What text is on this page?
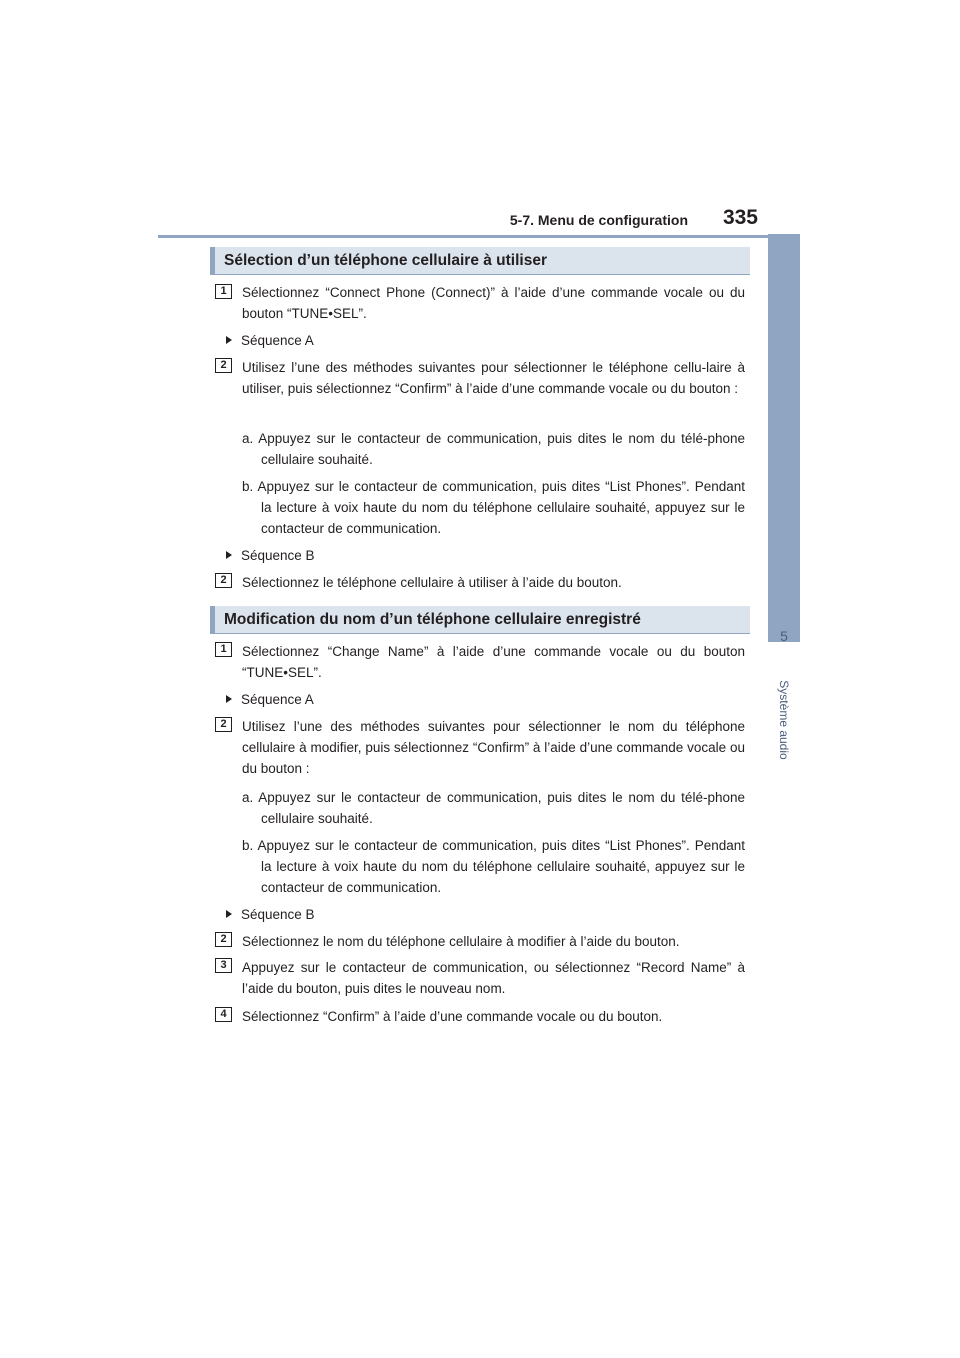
5-7. Menu de configuration 335
5
Système audio
Sélection d’un téléphone cellulaire à utiliser
1	Sélectionnez “Connect Phone (Connect)” à l’aide d’une commande vocale ou du bouton “TUNE•SEL”.

Séquence A
2	Utilisez l’une des méthodes suivantes pour sélectionner le téléphone cellu-laire à utiliser, puis sélectionnez “Confirm” à l’aide d’une commande vocale ou du bouton :

a. Appuyez sur le contacteur de communication, puis dites le nom du télé-phone cellulaire souhaité.

b. Appuyez sur le contacteur de communication, puis dites “List Phones”. Pendant la lecture à voix haute du nom du téléphone cellulaire souhaité, appuyez sur le contacteur de communication.

Séquence B
2	Sélectionnez le téléphone cellulaire à utiliser à l’aide du bouton.

Modification du nom d’un téléphone cellulaire enregistré
1	Sélectionnez “Change Name” à l’aide d’une commande vocale ou du bouton “TUNE•SEL”.

Séquence A
2	Utilisez l’une des méthodes suivantes pour sélectionner le nom du téléphone cellulaire à modifier, puis sélectionnez “Confirm” à l’aide d’une commande vocale ou du bouton :

a. Appuyez sur le contacteur de communication, puis dites le nom du télé-phone cellulaire souhaité.

b. Appuyez sur le contacteur de communication, puis dites “List Phones”. Pendant la lecture à voix haute du nom du téléphone cellulaire souhaité, appuyez sur le contacteur de communication.

Séquence B
2	Sélectionnez le nom du téléphone cellulaire à modifier à l’aide du bouton.

3	Appuyez sur le contacteur de communication, ou sélectionnez “Record Name” à l’aide du bouton, puis dites le nouveau nom.

4	Sélectionnez “Confirm” à l’aide d’une commande vocale ou du bouton.
